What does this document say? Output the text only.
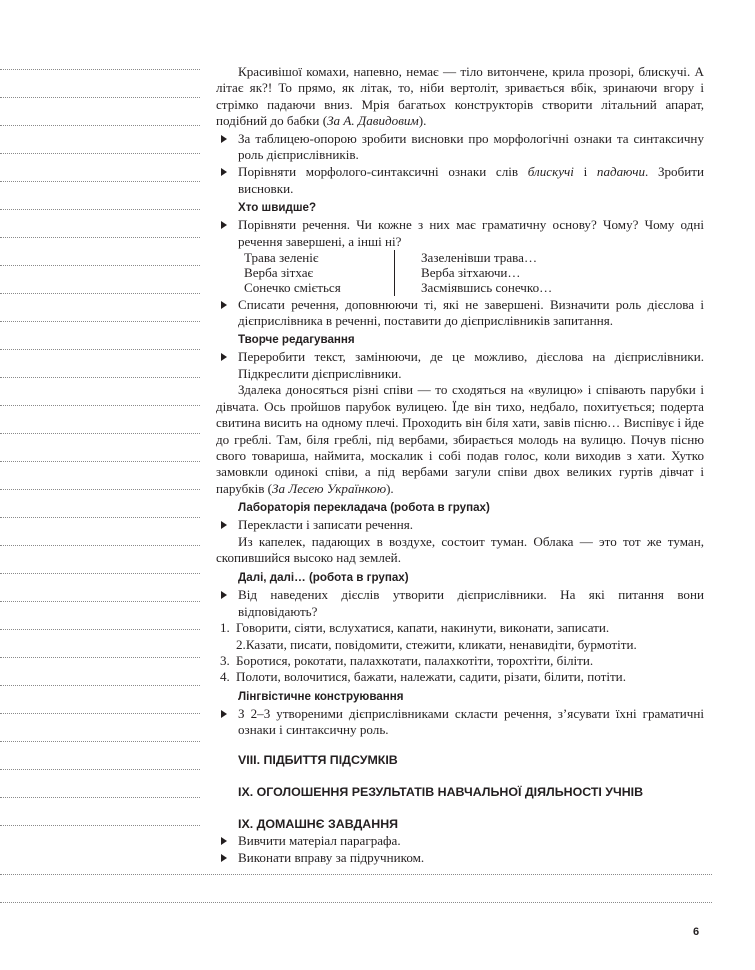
Красивішої комахи, напевно, немає — тіло витончене, крила прозорі, блискучі. А літає як?! То прямо, як літак, то, ніби вертоліт, зривається вбік, зринаючи вгору і стрімко падаючи вниз. Мрія багатьох конструкторів створити літальний апарат, подібний до бабки (За А. Давидовим).

За таблицею-опорою зробити висновки про морфологічні ознаки та синтаксичну роль дієприслівників.
Порівняти морфолого-синтаксичні ознаки слів блискучі і падаючи. Зробити висновки.
Хто швидше?
Порівняти речення. Чи кожне з них має граматичну основу? Чому? Чому одні речення завершені, а інші ні?
Трава зеленіє
Верба зітхає
Сонечко сміється
Зазеленівши трава…
Верба зітхаючи…
Засміявшись сонечко…
Списати речення, доповнюючи ті, які не завершені. Визначити роль дієслова і дієприслівника в реченні, поставити до дієприслівників запитання.
Творче редагування
Переробити текст, замінюючи, де це можливо, дієслова на дієприслівники. Підкреслити дієприслівники.

Здалека доносяться різні співи — то сходяться на «вулицю» і співають парубки і дівчата. Ось пройшов парубок вулицею. Їде він тихо, недбало, похитується; подерта свитина висить на одному плечі. Проходить він біля хати, завів пісню… Виспівує і йде до греблі. Там, біля греблі, під вербами, збирається молодь на вулицю. Почув пісню свого товариша, наймита, москалик і собі подав голос, коли виходив з хати. Хутко замовкли одинокі співи, а під вербами загули співи двох великих гуртів дівчат і парубків (За Лесею Українкою).

Лабораторія перекладача (робота в групах)
Перекласти і записати речення.

Из капелек, падающих в воздухе, состоит туман. Облака — это тот же туман, скопившийся высоко над землей.

Далі, далі… (робота в групах)
Від наведених дієслів утворити дієприслівники. На які питання вони відповідають?
1. Говорити, сіяти, вслухатися, капати, накинути, виконати, записати.
2.Казати, писати, повідомити, стежити, кликати, ненавидіти, бурмотіти.
3. Боротися, рокотати, палахкотати, палахкотіти, торохтіти, біліти.
4. Полоти, волочитися, бажати, належати, садити, різати, білити, потіти.
Лінгвістичне конструювання
З 2–3 утвореними дієприслівниками скласти речення, з’ясувати їхні граматичні ознаки і синтаксичну роль.
VIII. ПІДБИТТЯ ПІДСУМКІВ
IX. ОГОЛОШЕННЯ РЕЗУЛЬТАТІВ НАВЧАЛЬНОЇ ДІЯЛЬНОСТІ УЧНІВ
IX. ДОМАШНЄ ЗАВДАННЯ
Вивчити матеріал параграфа.
Виконати вправу за підручником.
6
